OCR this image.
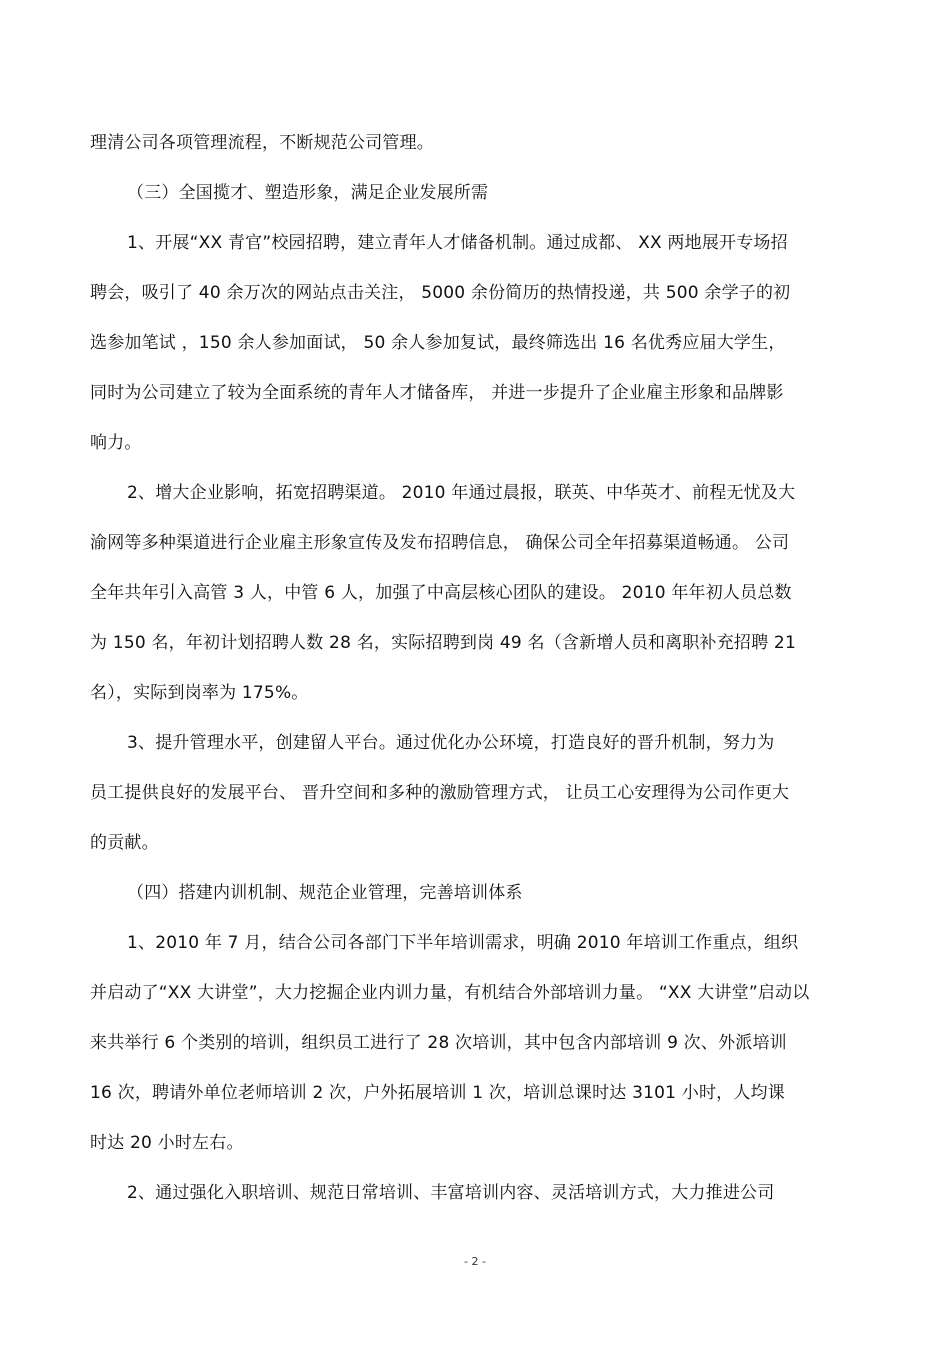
理清公司各项管理流程，不断规范公司管理。
（三）全国揽才、塑造形象，满足企业发展所需
1、开展“XX 青官”校园招聘，建立青年人才储备机制。通过成都、 XX 两地展开专场招
聘会，吸引了 40 余万次的网站点击关注， 5000 余份简历的热情投递，共 500 余学子的初
选参加笔试 ，150 余人参加面试， 50 余人参加复试，最终筛选出 16 名优秀应届大学生，
同时为公司建立了较为全面系统的青年人才储备库， 并进一步提升了企业雇主形象和品牌影
响力。
2、增大企业影响，拓宽招聘渠道。 2010 年通过晨报，联英、中华英才、前程无忧及大
渝网等多种渠道进行企业雇主形象宣传及发布招聘信息， 确保公司全年招募渠道畅通。 公司
全年共年引入高管 3 人，中管 6 人，加强了中高层核心团队的建设。 2010 年年初人员总数
为 150 名，年初计划招聘人数 28 名，实际招聘到岗 49 名（含新增人员和离职补充招聘 21
名），实际到岗率为 175%。
3、提升管理水平，创建留人平台。通过优化办公环境，打造良好的晋升机制，努力为
员工提供良好的发展平台、 晋升空间和多种的激励管理方式， 让员工心安理得为公司作更大
的贡献。
（四）搭建内训机制、规范企业管理，完善培训体系
1、2010 年 7 月，结合公司各部门下半年培训需求，明确 2010 年培训工作重点，组织
并启动了“XX 大讲堂”，大力挖掘企业内训力量，有机结合外部培训力量。 “XX 大讲堂”启动以
来共举行 6 个类别的培训，组织员工进行了 28 次培训，其中包含内部培训 9 次、外派培训
16 次，聘请外单位老师培训 2 次，户外拓展培训 1 次，培训总课时达 3101 小时，人均课
时达 20 小时左右。
2、通过强化入职培训、规范日常培训、丰富培训内容、灵活培训方式，大力推进公司
- 2 -
